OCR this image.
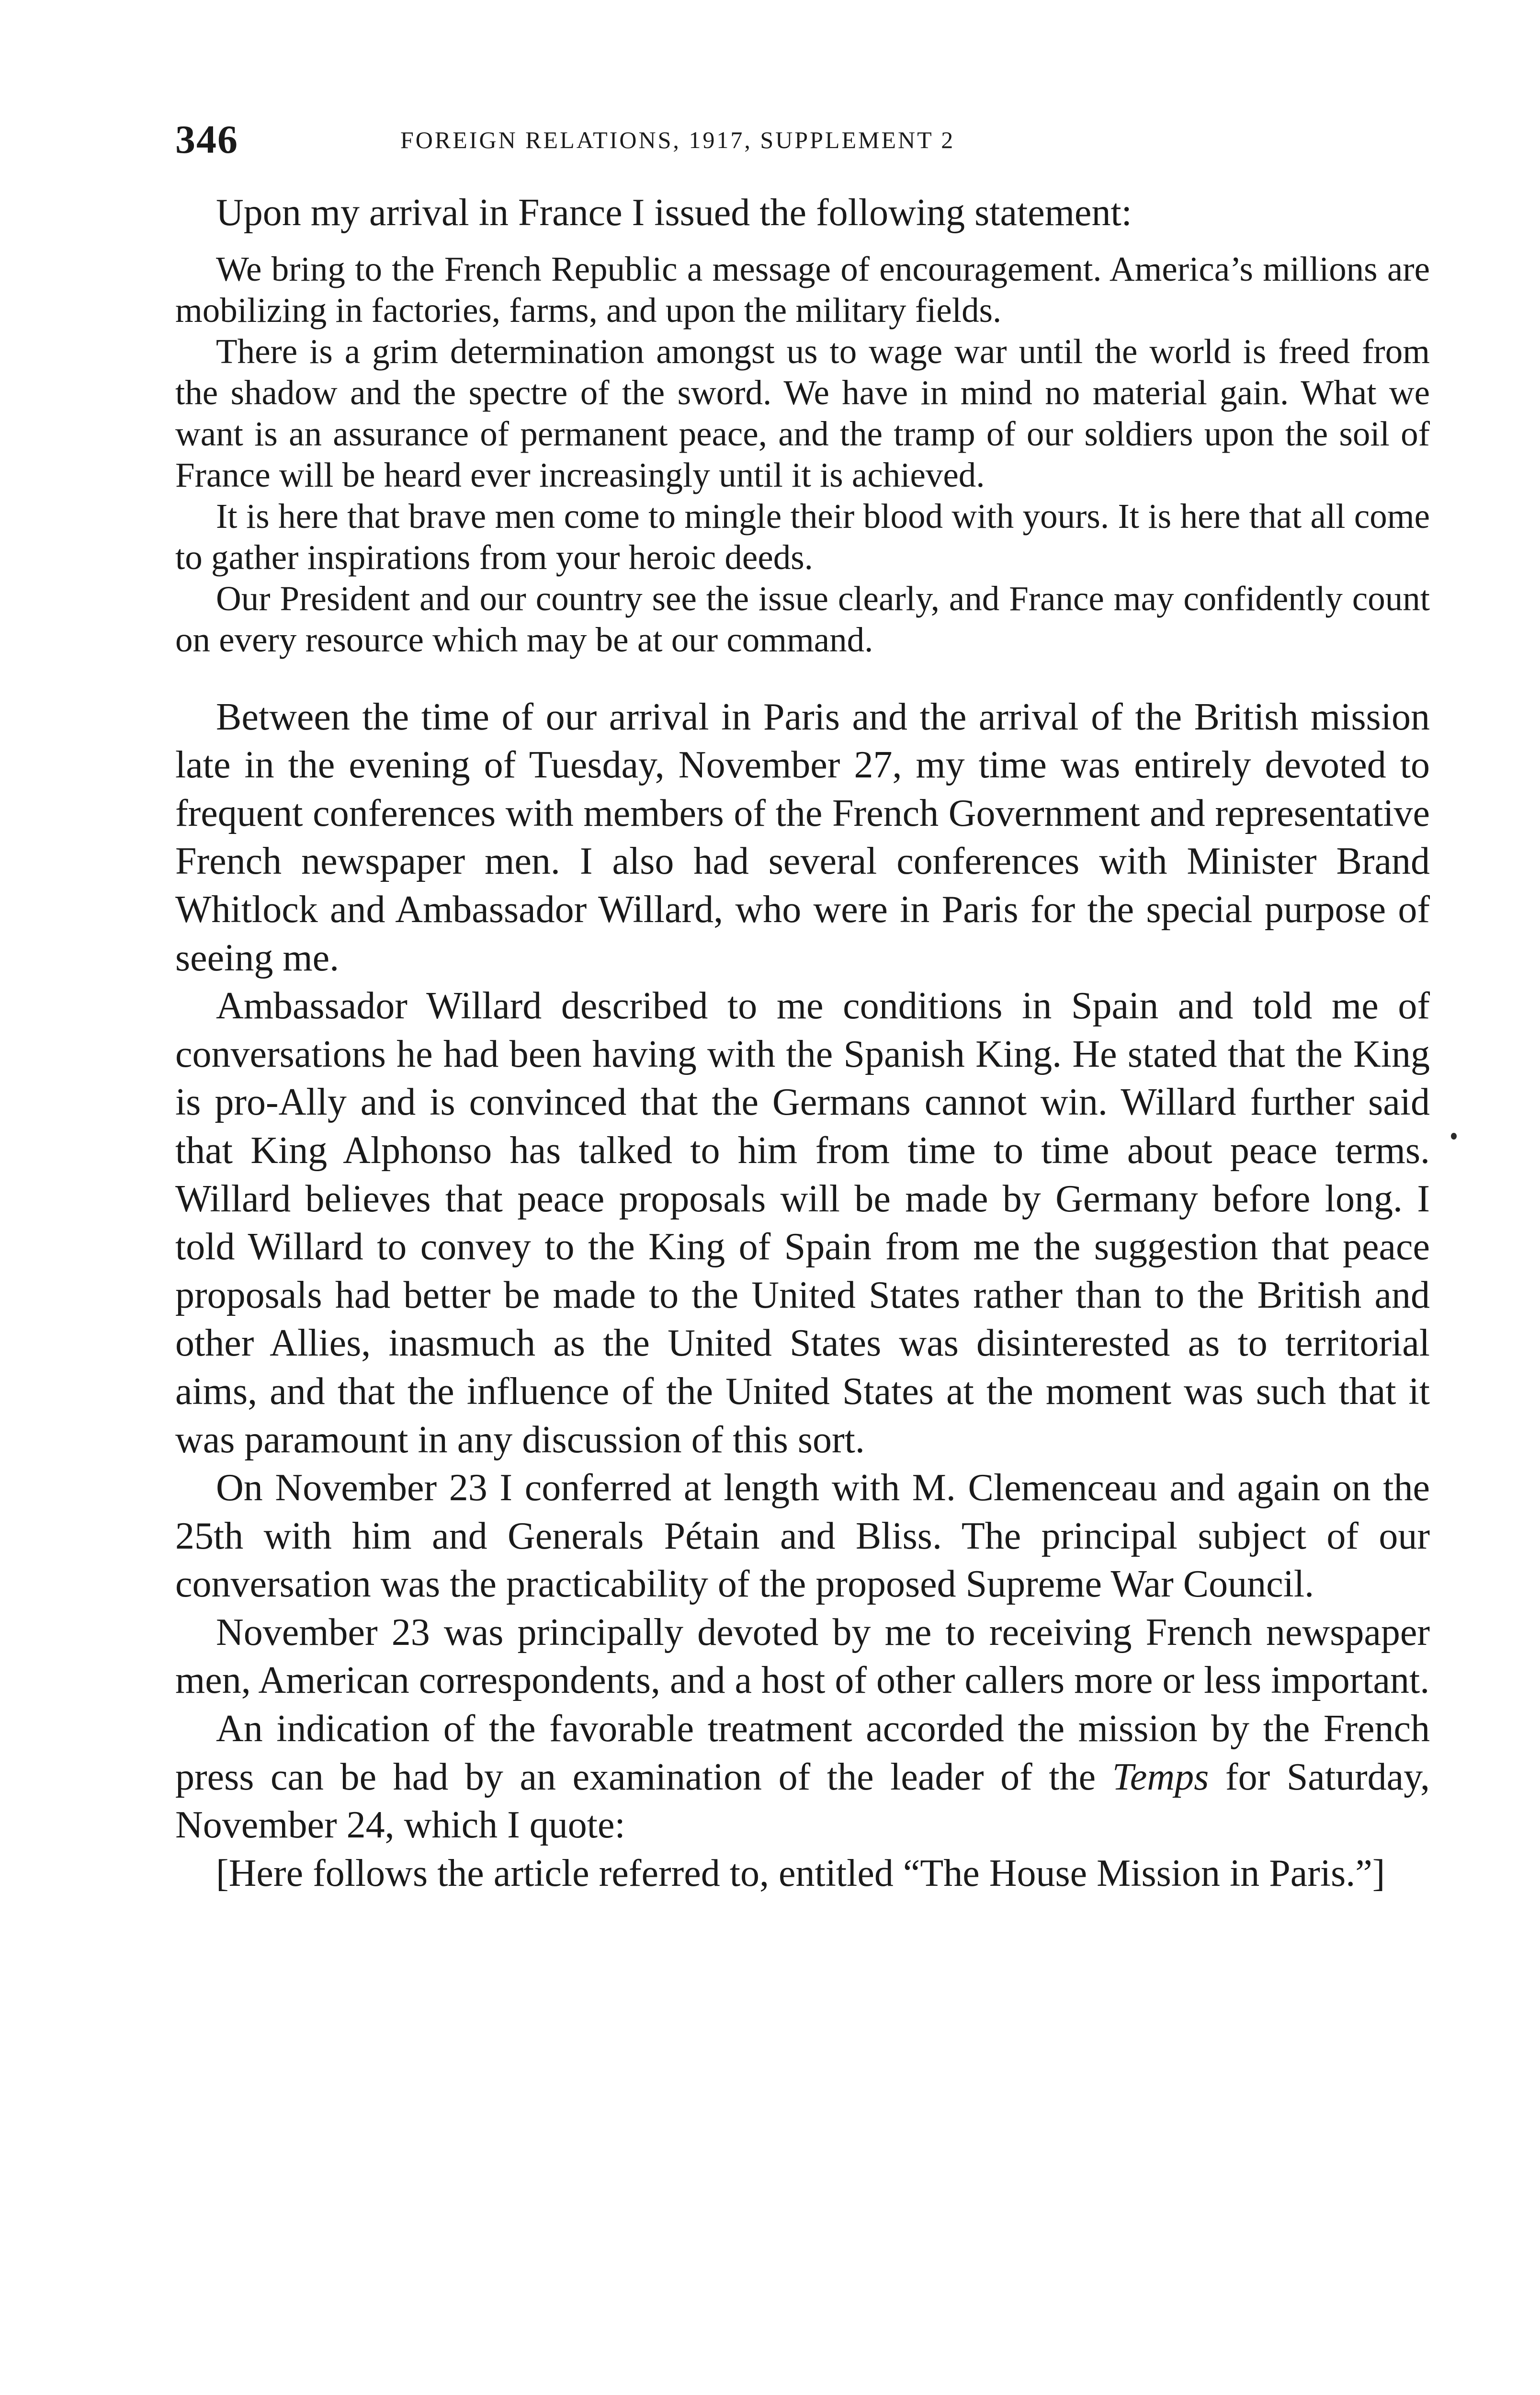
346	FOREIGN RELATIONS, 1917, SUPPLEMENT 2

Upon my arrival in France I issued the following statement:

We bring to the French Republic a message of encouragement. America’s millions are mobilizing in factories, farms, and upon the military fields.

There is a grim determination amongst us to wage war until the world is freed from the shadow and the spectre of the sword. We have in mind no material gain. What we want is an assurance of permanent peace, and the tramp of our soldiers upon the soil of France will be heard ever increasingly until it is achieved.

It is here that brave men come to mingle their blood with yours. It is here that all come to gather inspirations from your heroic deeds.

Our President and our country see the issue clearly, and France may confidently count on every resource which may be at our command.

Between the time of our arrival in Paris and the arrival of the British mission late in the evening of Tuesday, November 27, my time was entirely devoted to frequent conferences with members of the French Government and representative French newspaper men. I also had several conferences with Minister Brand Whitlock and Ambassador Willard, who were in Paris for the special purpose of seeing me.

Ambassador Willard described to me conditions in Spain and told me of conversations he had been having with the Spanish King. He stated that the King is pro-Ally and is convinced that the Germans cannot win. Willard further said that King Alphonso has talked to him from time to time about peace terms. Willard believes that peace proposals will be made by Germany before long. I told Willard to convey to the King of Spain from me the suggestion that peace proposals had better be made to the United States rather than to the British and other Allies, inasmuch as the United States was disinterested as to territorial aims, and that the influence of the United States at the moment was such that it was paramount in any discussion of this sort.

On November 23 I conferred at length with M. Clemenceau and again on the 25th with him and Generals Pétain and Bliss. The principal subject of our conversation was the practicability of the proposed Supreme War Council.

November 23 was principally devoted by me to receiving French newspaper men, American correspondents, and a host of other callers more or less important.

An indication of the favorable treatment accorded the mission by the French press can be had by an examination of the leader of the Temps for Saturday, November 24, which I quote:

[Here follows the article referred to, entitled “The House Mission in Paris.”]
